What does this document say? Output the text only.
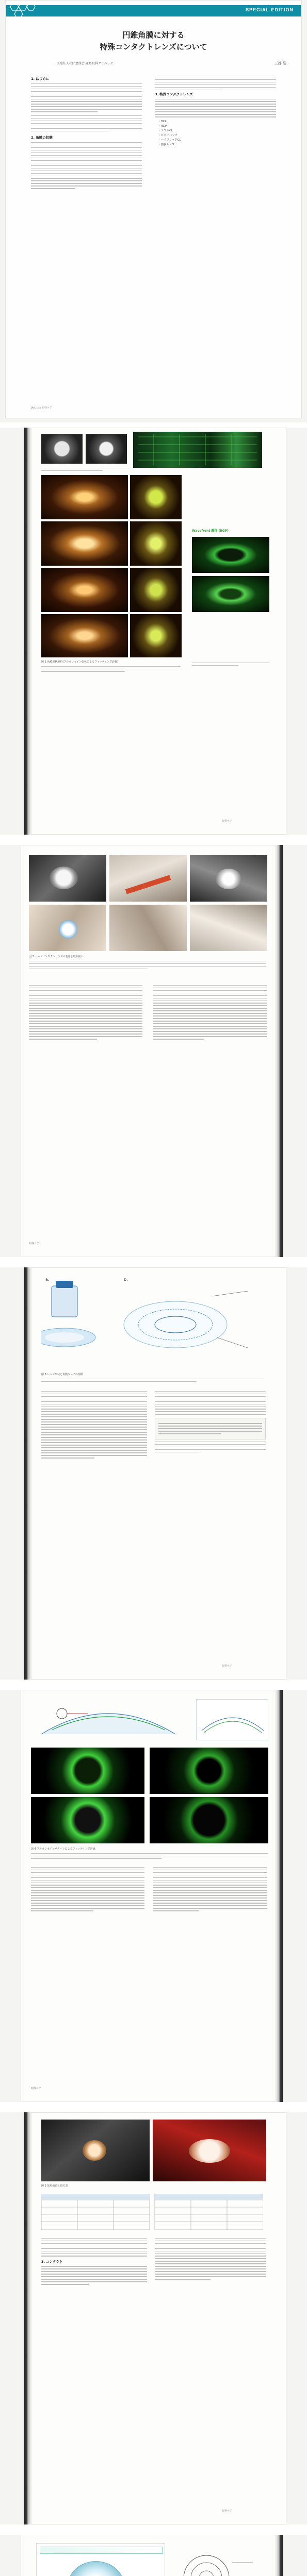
SPECIAL EDITION
円錐角膜に対する
特殊コンタクトレンズについて
医療法人社団恵緑会 鹿島眼科クリニック	三好 聡
1. はじめに
2. 角膜の状態
3. 特殊コンタクトレンズ
・HCL
・RGP
・ソフトCL
・ピギーバック
・ハイブリッドCL
・強膜レンズ
Vol. ○○ 眼科ケア
Wavefront 錐体 (RGP)
図 1 角膜形状解析(フルオレセイン染色によるフィッティング評価)
眼科ケア
図 2 ハードコンタクトレンズの装用と取り扱い
眼科ケア
a.	b.
図 3 レンズ形状と角膜カーブの関係
眼科ケア
図 4 フルオレセインパターンによるフィッティング評価
眼科ケア
図 5 装用練習と処方表
3. コンタクト
眼科ケア
